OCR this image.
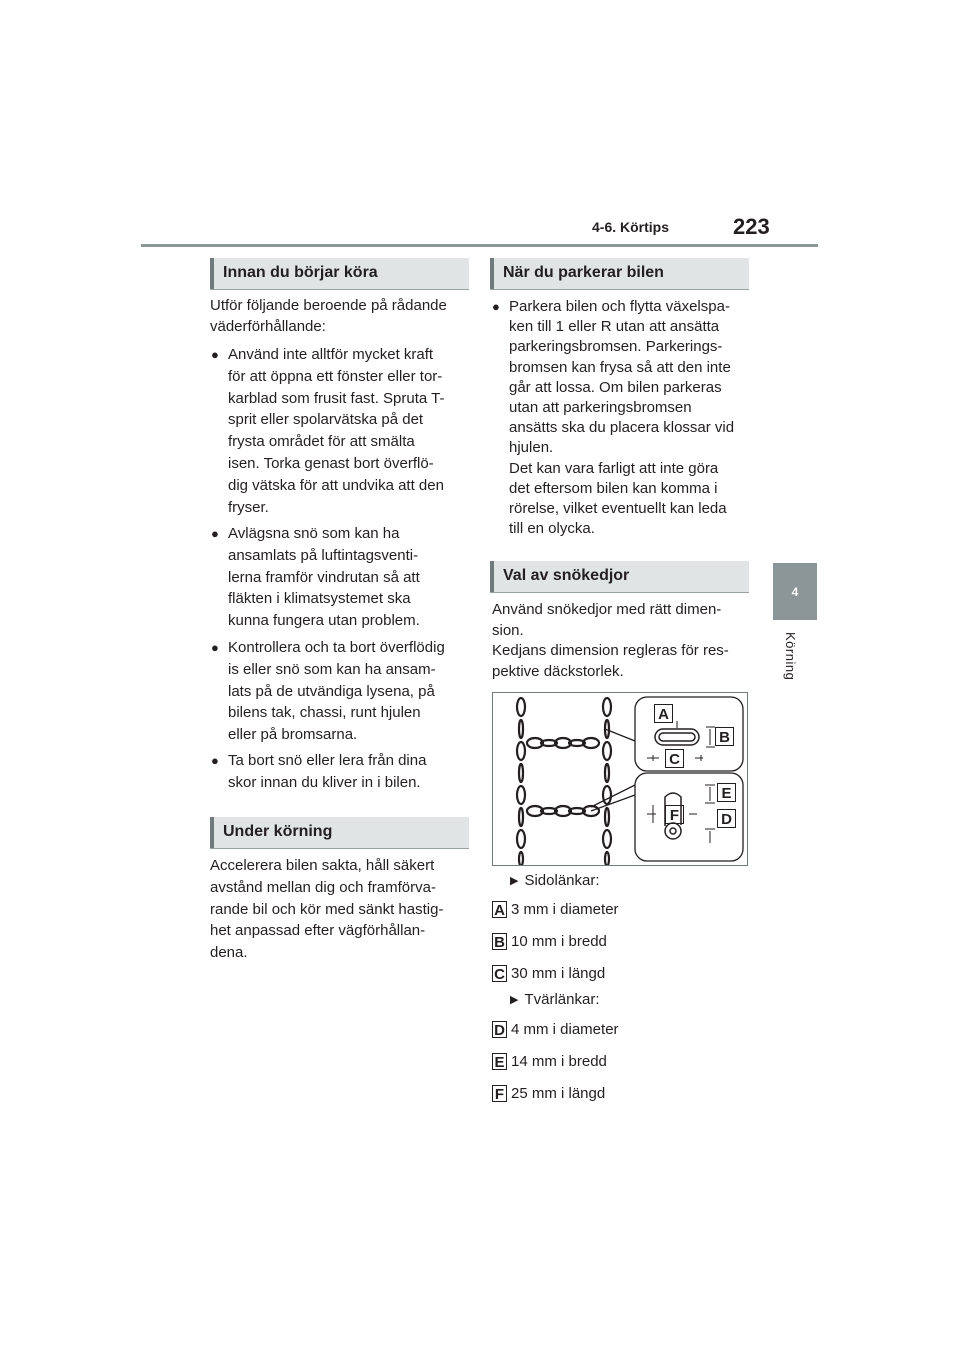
4-6. Körtips	223
4
Körning
Innan du börjar köra
Utför följande beroende på rådande
väderförhållande:
● Använd inte alltför mycket kraft
för att öppna ett fönster eller tor-
karblad som frusit fast. Spruta T-
sprit eller spolarvätska på det
frysta området för att smälta
isen. Torka genast bort överflö-
dig vätska för att undvika att den
fryser.
● Avlägsna snö som kan ha
ansamlats på luftintagsventi-
lerna framför vindrutan så att
fläkten i klimatsystemet ska
kunna fungera utan problem.
● Kontrollera och ta bort överflödig
is eller snö som kan ha ansam-
lats på de utvändiga lysena, på
bilens tak, chassi, runt hjulen
eller på bromsarna.
● Ta bort snö eller lera från dina
skor innan du kliver in i bilen.
Under körning
Accelerera bilen sakta, håll säkert
avstånd mellan dig och framförva-
rande bil och kör med sänkt hastig-
het anpassad efter vägförhållan-
dena.
När du parkerar bilen
● Parkera bilen och flytta växelspa-
ken till 1 eller R utan att ansätta
parkeringsbromsen. Parkerings-
bromsen kan frysa så att den inte
går att lossa. Om bilen parkeras
utan att parkeringsbromsen
ansätts ska du placera klossar vid
hjulen.
Det kan vara farligt att inte göra
det eftersom bilen kan komma i
rörelse, vilket eventuellt kan leda
till en olycka.
Val av snökedjor
Använd snökedjor med rätt dimen-
sion.
Kedjans dimension regleras för res-
pektive däckstorlek.
A
B
C
E
F	D
▶ Sidolänkar:
A 3 mm i diameter
B 10 mm i bredd
C 30 mm i längd
▶ Tvärlänkar:
D 4 mm i diameter
E 14 mm i bredd
F 25 mm i längd
